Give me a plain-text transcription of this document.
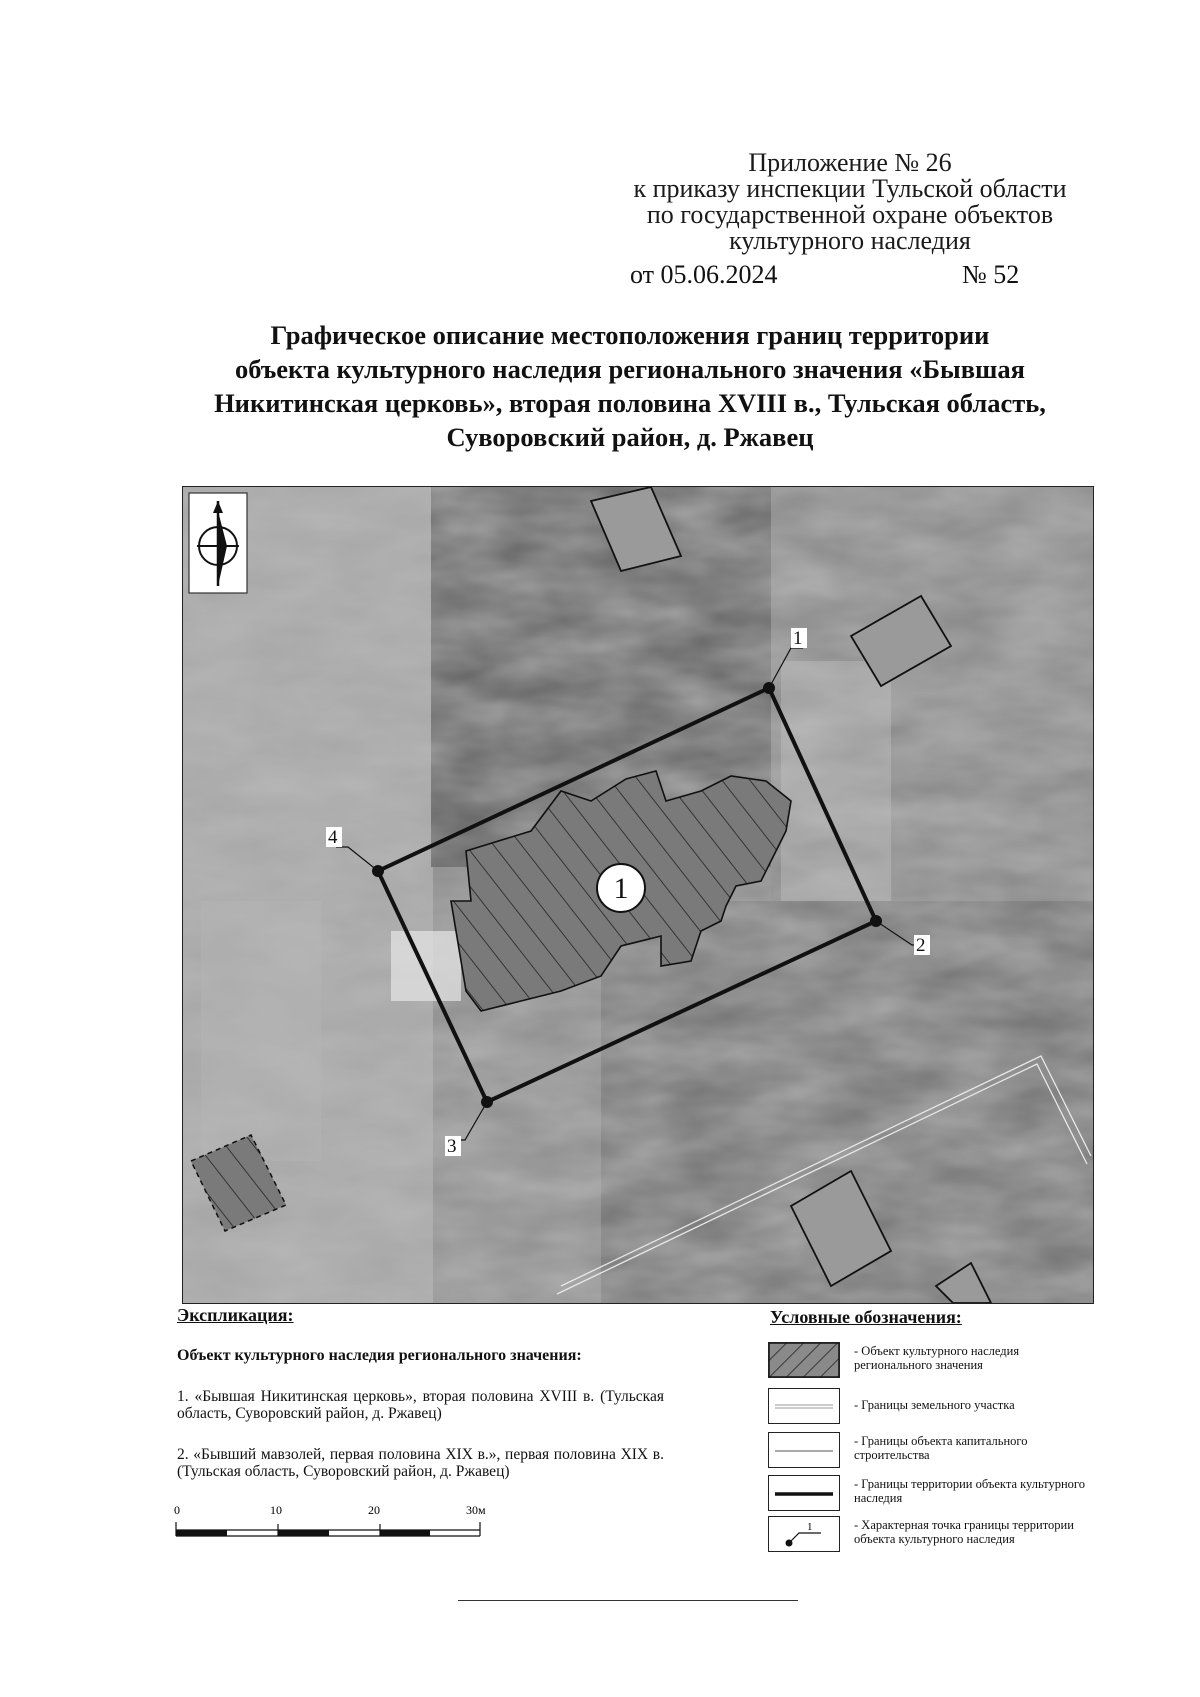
Приложение № 26
к приказу инспекции Тульской области
по государственной охране объектов
культурного наследия
от 05.06.2024	№ 52
Графическое описание местоположения границ территории
объекта культурного наследия регионального значения «Бывшая
Никитинская церковь», вторая половина XVIII в., Тульская область,
Суворовский район, д. Ржавец
1
2
3
4
1
Экспликация:
Объект культурного наследия регионального значения:
1. «Бывшая Никитинская церковь», вторая половина XVIII в. (Тульская область, Суворовский район, д. Ржавец)
2. «Бывший мавзолей, первая половина XIX в.», первая половина XIX в. (Тульская область, Суворовский район, д. Ржавец)
0	10	20	30м
Условные обозначения:
- Объект культурного наследия регионального значения
- Границы земельного участка
- Границы объекта капитального строительства
- Границы территории объекта культурного наследия
1	- Характерная точка границы территории объекта культурного наследия
